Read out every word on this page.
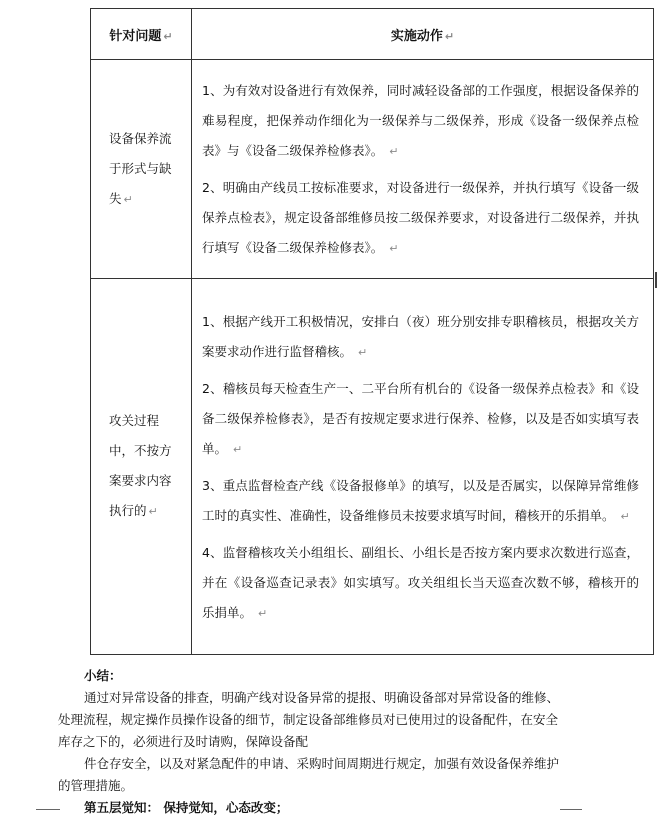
针对问题 ↵	实施动作 ↵
设备保养流于形式与缺失 ↵	1、为有效对设备进行有效保养，同时减轻设备部的工作强度，根据设备保养的难易程度，把保养动作细化为一级保养与二级保养，形成《设备一级保养点检表》与《设备二级保养检修表》。 ↵
2、明确由产线员工按标准要求，对设备进行一级保养，并执行填写《设备一级保养点检表》，规定设备部维修员按二级保养要求，对设备进行二级保养，并执行填写《设备二级保养检修表》。 ↵

攻关过程中，不按方案要求内容执行的 ↵	1、根据产线开工积极情况，安排白（夜）班分别安排专职稽核员，根据攻关方案要求动作进行监督稽核。 ↵
2、稽核员每天检查生产一、二平台所有机台的《设备一级保养点检表》和《设备二级保养检修表》，是否有按规定要求进行保养、检修，以及是否如实填写表单。 ↵
3、重点监督检查产线《设备报修单》的填写，以及是否属实，以保障异常维修工时的真实性、准确性，设备维修员未按要求填写时间，稽核开的乐捐单。 ↵
4、监督稽核攻关小组组长、副组长、小组长是否按方案内要求次数进行巡查，并在《设备巡查记录表》如实填写。攻关组组长当天巡查次数不够，稽核开的乐捐单。 ↵
小结：
通过对异常设备的排查，明确产线对设备异常的提报、明确设备部对异常设备的维修、处理流程，规定操作员操作设备的细节，制定设备部维修员对已使用过的设备配件，在安全库存之下的，必须进行及时请购，保障设备配
件仓存安全，以及对紧急配件的申请、采购时间周期进行规定，加强有效设备保养维护的管理措施。
第五层觉知： 保持觉知，心态改变；
